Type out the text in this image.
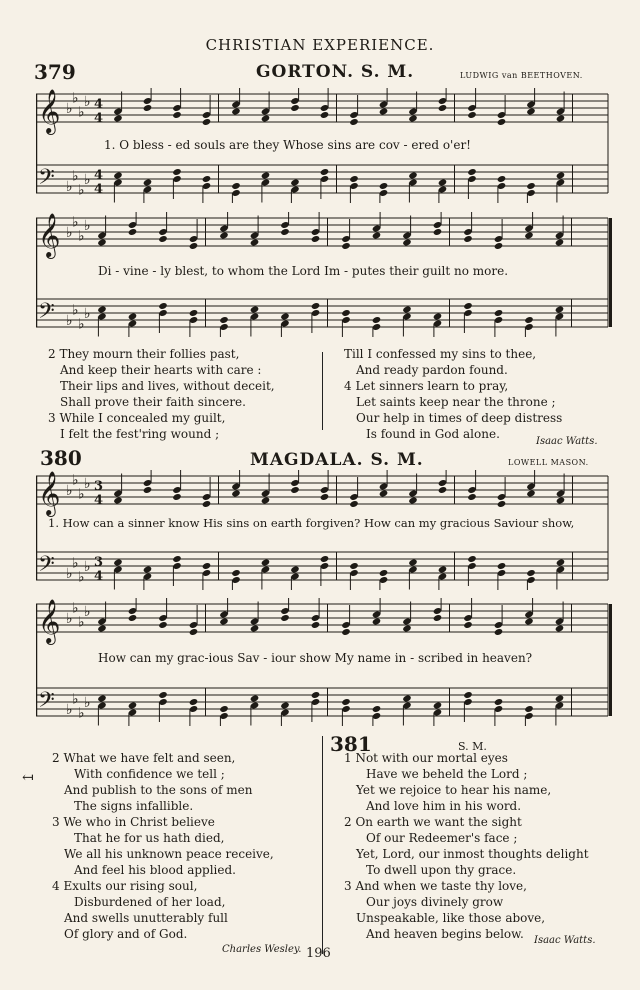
CHRISTIAN EXPERIENCE.
379	GORTON. S. M.	LUDWIG van BEETHOVEN.
𝄞 ♭
♭
♭
♭ 4
4
𝄢 ♭
♭
♭
♭ 4
4
1. O bless - ed souls are they Whose sins are cov - ered o'er!
𝄞 ♭
♭
♭
♭
𝄢 ♭
♭
♭
♭
Di - vine - ly blest, to whom the Lord Im - putes their guilt no more.
2 They mourn their follies past,
And keep their hearts with care :
Their lips and lives, without deceit,
Shall prove their faith sincere.
3 While I concealed my guilt,
I felt the fest'ring wound ;
Till I confessed my sins to thee,
And ready pardon found.
4 Let sinners learn to pray,
Let saints keep near the throne ;
Our help in times of deep distress
Is found in God alone.
Isaac Watts.
380	MAGDALA. S. M.	LOWELL MASON.
𝄞 ♭
♭
♭
♭ 3
4
𝄢 ♭
♭
♭
♭ 3
4
1. How can a sinner know His sins on earth forgiven? How can my gracious Saviour show,
𝄞 ♭
♭
♭
♭
𝄢 ♭
♭
♭
♭
How can my grac-ious Sav - iour show My name in - scribed in heaven?
↤
2 What we have felt and seen,
With confidence we tell ;
And publish to the sons of men
The signs infallible.
3 We who in Christ believe
That he for us hath died,
We all his unknown peace receive,
And feel his blood applied.
4 Exults our rising soul,
Disburdened of her load,
And swells unutterably full
Of glory and of God.
Charles Wesley.
381	S. M.
1 Not with our mortal eyes
Have we beheld the Lord ;
Yet we rejoice to hear his name,
And love him in his word.
2 On earth we want the sight
Of our Redeemer's face ;
Yet, Lord, our inmost thoughts delight
To dwell upon thy grace.
3 And when we taste thy love,
Our joys divinely grow
Unspeakable, like those above,
And heaven begins below.	Isaac Watts.
196
